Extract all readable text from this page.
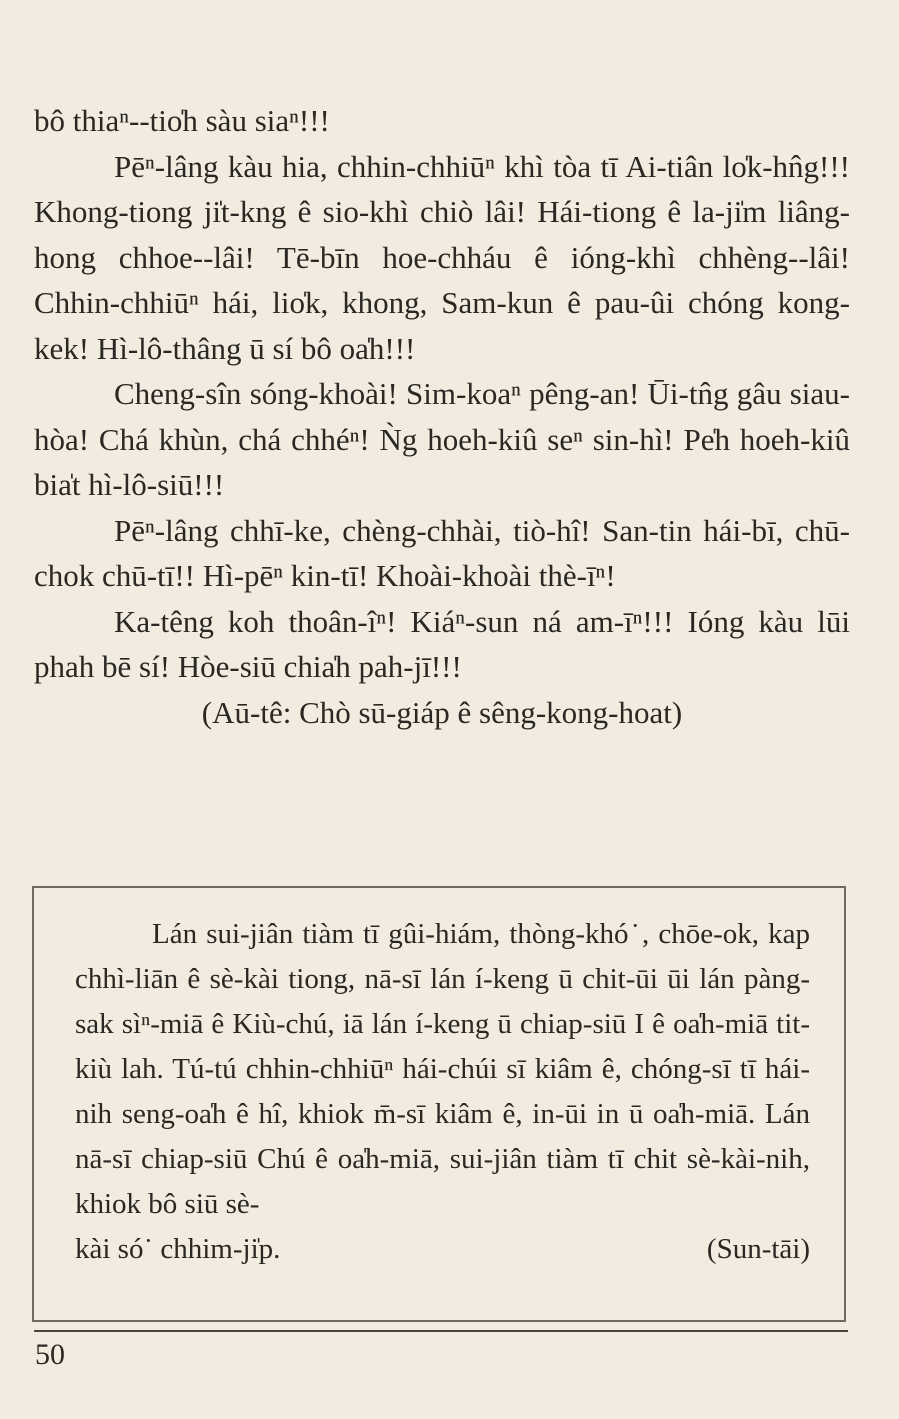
bô thiaⁿ--tio̍h sàu siaⁿ!!!

Pēⁿ-lâng kàu hia, chhin-chhiūⁿ khì tòa tī Ai-tiân lo̍k-hn̂g!!! Khong-tiong ji̍t-kng ê sio-khì chiò lâi! Hái-tiong ê la-ji̍m liâng-hong chhoe--lâi! Tē-bīn hoe-chháu ê ióng-khì chhèng--lâi! Chhin-chhiūⁿ hái, lio̍k, khong, Sam-kun ê pau-ûi chóng kong-kek! Hì-lô-thâng ū sí bô oa̍h!!!

Cheng-sîn sóng-khoài! Sim-koaⁿ pêng-an! Ūi-tn̂g gâu siau-hòa! Chá khùn, chá chhéⁿ! Ǹg hoeh-kiû seⁿ sin-hì! Pe̍h hoeh-kiû bia̍t hì-lô-siū!!!

Pēⁿ-lâng chhī-ke, chèng-chhài, tiò-hî! San-tin hái-bī, chū-chok chū-tī!! Hì-pēⁿ kin-tī! Khoài-khoài thè-īⁿ!

Ka-têng koh thoân-îⁿ! Kiáⁿ-sun ná am-īⁿ!!! Ióng kàu lūi phah bē sí! Hòe-siū chia̍h pah-jī!!!

(Aū-tê: Chò sū-giáp ê sêng-kong-hoat)

Lán sui-jiân tiàm tī gûi-hiám, thòng-khó˙, chōe-ok, kap chhì-liān ê sè-kài tiong, nā-sī lán í-keng ū chit-ūi ūi lán pàng-sak sìⁿ-miā ê Kiù-chú, iā lán í-keng ū chiap-siū I ê oa̍h-miā tit-kiù lah. Tú-tú chhin-chhiūⁿ hái-chúi sī kiâm ê, chóng-sī tī hái-nih seng-oa̍h ê hî, khiok m̄-sī kiâm ê, in-ūi in ū oa̍h-miā. Lán nā-sī chiap-siū Chú ê oa̍h-miā, sui-jiân tiàm tī chit sè-kài-nih, khiok bô siū sè-
kài só˙ chhim-ji̍p.	(Sun-tāi)
50
